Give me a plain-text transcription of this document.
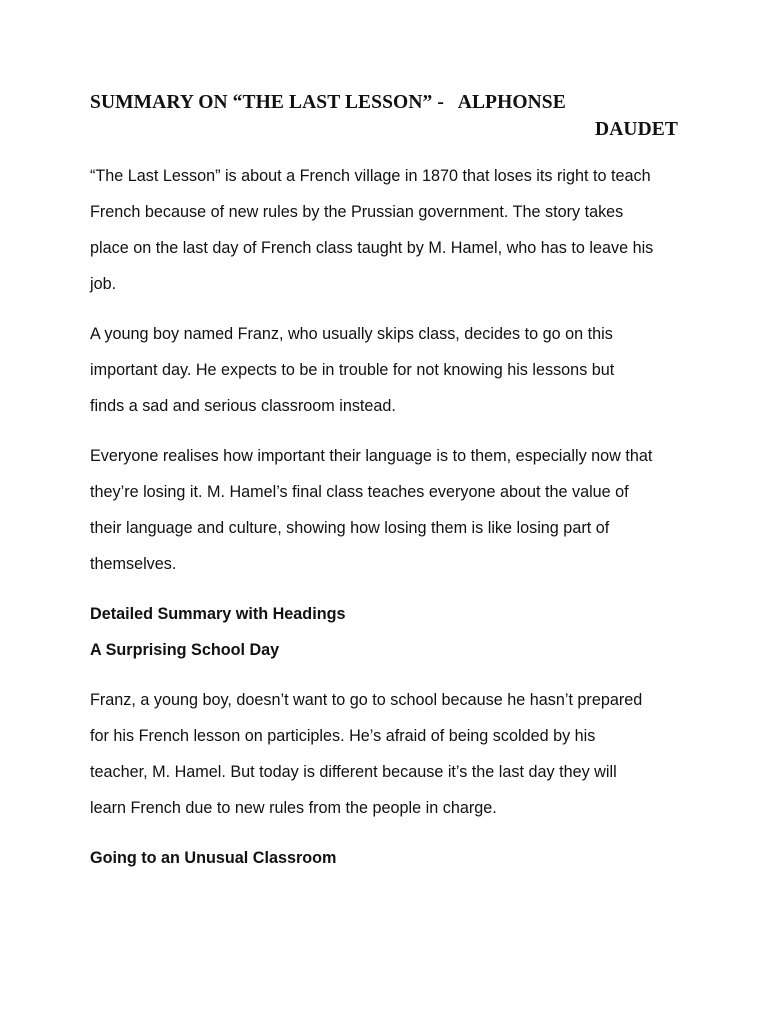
SUMMARY ON “THE LAST LESSON” -   ALPHONSE
DAUDET
“The Last Lesson” is about a French village in 1870 that loses its right to teach
French because of new rules by the Prussian government. The story takes
place on the last day of French class taught by M. Hamel, who has to leave his
job.
A young boy named Franz, who usually skips class, decides to go on this
important day. He expects to be in trouble for not knowing his lessons but
finds a sad and serious classroom instead.
Everyone realises how important their language is to them, especially now that
they’re losing it. M. Hamel’s final class teaches everyone about the value of
their language and culture, showing how losing them is like losing part of
themselves.
Detailed Summary with Headings
A Surprising School Day
Franz, a young boy, doesn’t want to go to school because he hasn’t prepared
for his French lesson on participles. He’s afraid of being scolded by his
teacher, M. Hamel. But today is different because it’s the last day they will
learn French due to new rules from the people in charge.
Going to an Unusual Classroom
